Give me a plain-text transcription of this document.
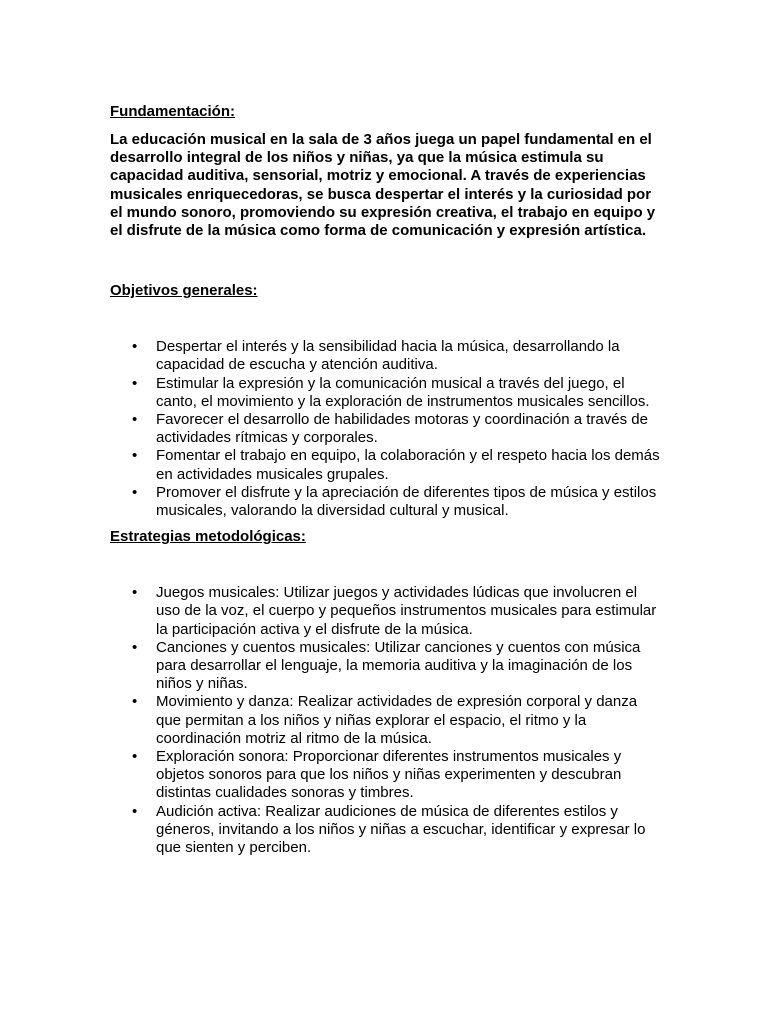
Fundamentación:

La educación musical en la sala de 3 años juega un papel fundamental en el desarrollo integral de los niños y niñas, ya que la música estimula su capacidad auditiva, sensorial, motriz y emocional. A través de experiencias musicales enriquecedoras, se busca despertar el interés y la curiosidad por el mundo sonoro, promoviendo su expresión creativa, el trabajo en equipo y el disfrute de la música como forma de comunicación y expresión artística.

Objetivos generales:

• Despertar el interés y la sensibilidad hacia la música, desarrollando la capacidad de escucha y atención auditiva.
• Estimular la expresión y la comunicación musical a través del juego, el canto, el movimiento y la exploración de instrumentos musicales sencillos.
• Favorecer el desarrollo de habilidades motoras y coordinación a través de actividades rítmicas y corporales.
• Fomentar el trabajo en equipo, la colaboración y el respeto hacia los demás en actividades musicales grupales.
• Promover el disfrute y la apreciación de diferentes tipos de música y estilos musicales, valorando la diversidad cultural y musical.

Estrategias metodológicas:

• Juegos musicales: Utilizar juegos y actividades lúdicas que involucren el uso de la voz, el cuerpo y pequeños instrumentos musicales para estimular la participación activa y el disfrute de la música.
• Canciones y cuentos musicales: Utilizar canciones y cuentos con música para desarrollar el lenguaje, la memoria auditiva y la imaginación de los niños y niñas.
• Movimiento y danza: Realizar actividades de expresión corporal y danza que permitan a los niños y niñas explorar el espacio, el ritmo y la coordinación motriz al ritmo de la música.
• Exploración sonora: Proporcionar diferentes instrumentos musicales y objetos sonoros para que los niños y niñas experimenten y descubran distintas cualidades sonoras y timbres.
• Audición activa: Realizar audiciones de música de diferentes estilos y géneros, invitando a los niños y niñas a escuchar, identificar y expresar lo que sienten y perciben.
